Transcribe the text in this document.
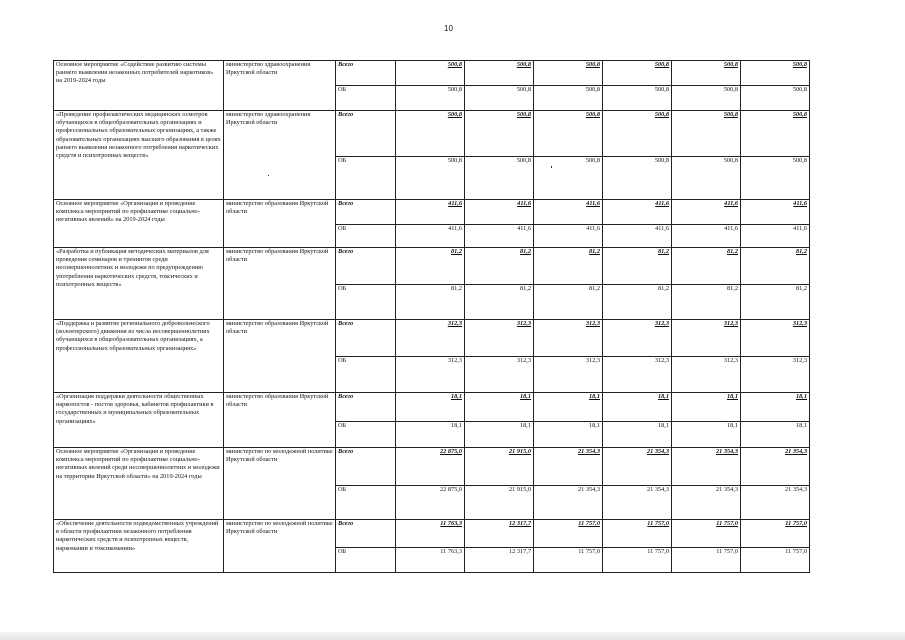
10
Основное мероприятие «Содействие развитию системы раннего выявления незаконных потребителей наркотиков» на 2019-2024 годы	министерство здравоохранения Иркутской области	Всего	500,8	500,8	500,8	500,8	500,8	500,8
		ОБ	500,8	500,8	500,8	500,8	500,8	500,8
«Проведение профилактических медицинских осмотров обучающихся в общеобразовательных организациях и профессиональных образовательных организациях, а также образовательных организациях высшего образования в целях раннего выявления незаконного потребления наркотических средств и психотропных веществ»	министерство здравоохранения Иркутской области	Всего	500,8	500,8	500,8	500,8	500,8	500,8
		ОБ	500,8	500,8	500,8	500,8	500,8	500,8
Основное мероприятие «Организация и проведение комплекса мероприятий по профилактике социально-негативных явлений» на 2019-2024 годы	министерство образования Иркутской области	Всего	411,6	411,6	411,6	411,6	411,6	411,6
		ОБ	411,6	411,6	411,6	411,6	411,6	411,6
«Разработка и публикация методических материалов для проведения семинаров и тренингов среди несовершеннолетних и молодежи по предупреждению употребления наркотических средств, токсических и психотропных веществ»	министерство образования Иркутской области	Всего	81,2	81,2	81,2	81,2	81,2	81,2
		ОБ	81,2	81,2	81,2	81,2	81,2	81,2
«Поддержка и развитие регионального добровольческого (волонтерского) движения из числа несовершеннолетних обучающихся в общеобразовательных организациях, а профессиональных образовательных организациях»	министерство образования Иркутской области	Всего	312,3	312,3	312,3	312,3	312,3	312,3
		ОБ	312,3	312,3	312,3	312,3	312,3	312,3
«Организация поддержки деятельности общественных наркопостов - постов здоровья, кабинетов профилактики в государственных и муниципальных образовательных организациях»	министерство образования Иркутской области	Всего	18,1	18,1	18,1	18,1	18,1	18,1
		ОБ	18,1	18,1	18,1	18,1	18,1	18,1
Основное мероприятие «Организация и проведение комплекса мероприятий по профилактике социально-негативных явлений среди несовершеннолетних и молодежи на территории Иркутской области» на 2019-2024 годы	министерство по молодежной политике Иркутской области	Всего	22 875,0	21 915,0	21 354,3	21 354,3	21 354,3	21 354,3
		ОБ	22 875,0	21 915,0	21 354,3	21 354,3	21 354,3	21 354,3
«Обеспечение деятельности подведомственных учреждений в области профилактики незаконного потребления наркотических средств и психотропных веществ, наркомании и токсикомании»	министерство по молодежной политике Иркутской области	Всего	11 763,3	12 317,7	11 757,0	11 757,0	11 757,0	11 757,0
		ОБ	11 763,3	12 317,7	11 757,0	11 757,0	11 757,0	11 757,0
